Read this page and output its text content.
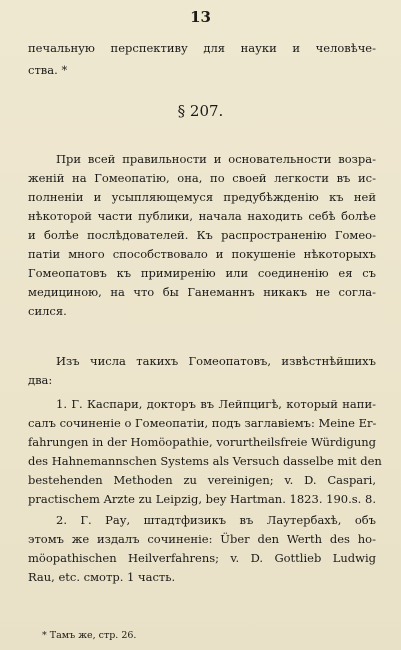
13
печальную перспективу для науки и человѣче-
ства. *
§ 207.
При всей правильности и основательности возра-
женій на Гомеопатію, она, по своей легкости въ ис-
полненіи и усыпляющемуся предубѣжденію къ ней
нѣкоторой части публики, начала находить себѣ болѣе
и болѣе послѣдователей. Къ распространенію Гомео-
патіи много способствовало и покушеніе нѣкоторыхъ
Гомеопатовъ къ примиренію или соединенію ея съ
медициною, на что бы Ганеманнъ никакъ не согла-
сился.
Изъ числа такихъ Гомеопатовъ, извѣстнѣйшихъ
два:
1. Г. Каспари, докторъ въ Лейпцигѣ, который напи-
салъ сочиненіе о Гомеопатіи, подъ заглавіемъ: Meine Er-
fahrungen in der Homöopathie, vorurtheilsfreie Würdigung
des Hahnemannschen Systems als Versuch dasselbe mit den
bestehenden Methoden zu vereinigen; v. D. Caspari,
practischem Arzte zu Leipzig, bey Hartman. 1823. 190.s. 8.
2. Г. Рау, штадтфизикъ въ Лаутербахѣ, объ
этомъ же издалъ сочиненіе: Über den Werth des ho-
möopathischen Heilverfahrens; v. D. Gottlieb Ludwig
Rau, etc. смотр. 1 часть.
* Тамъ же, стр. 26.
